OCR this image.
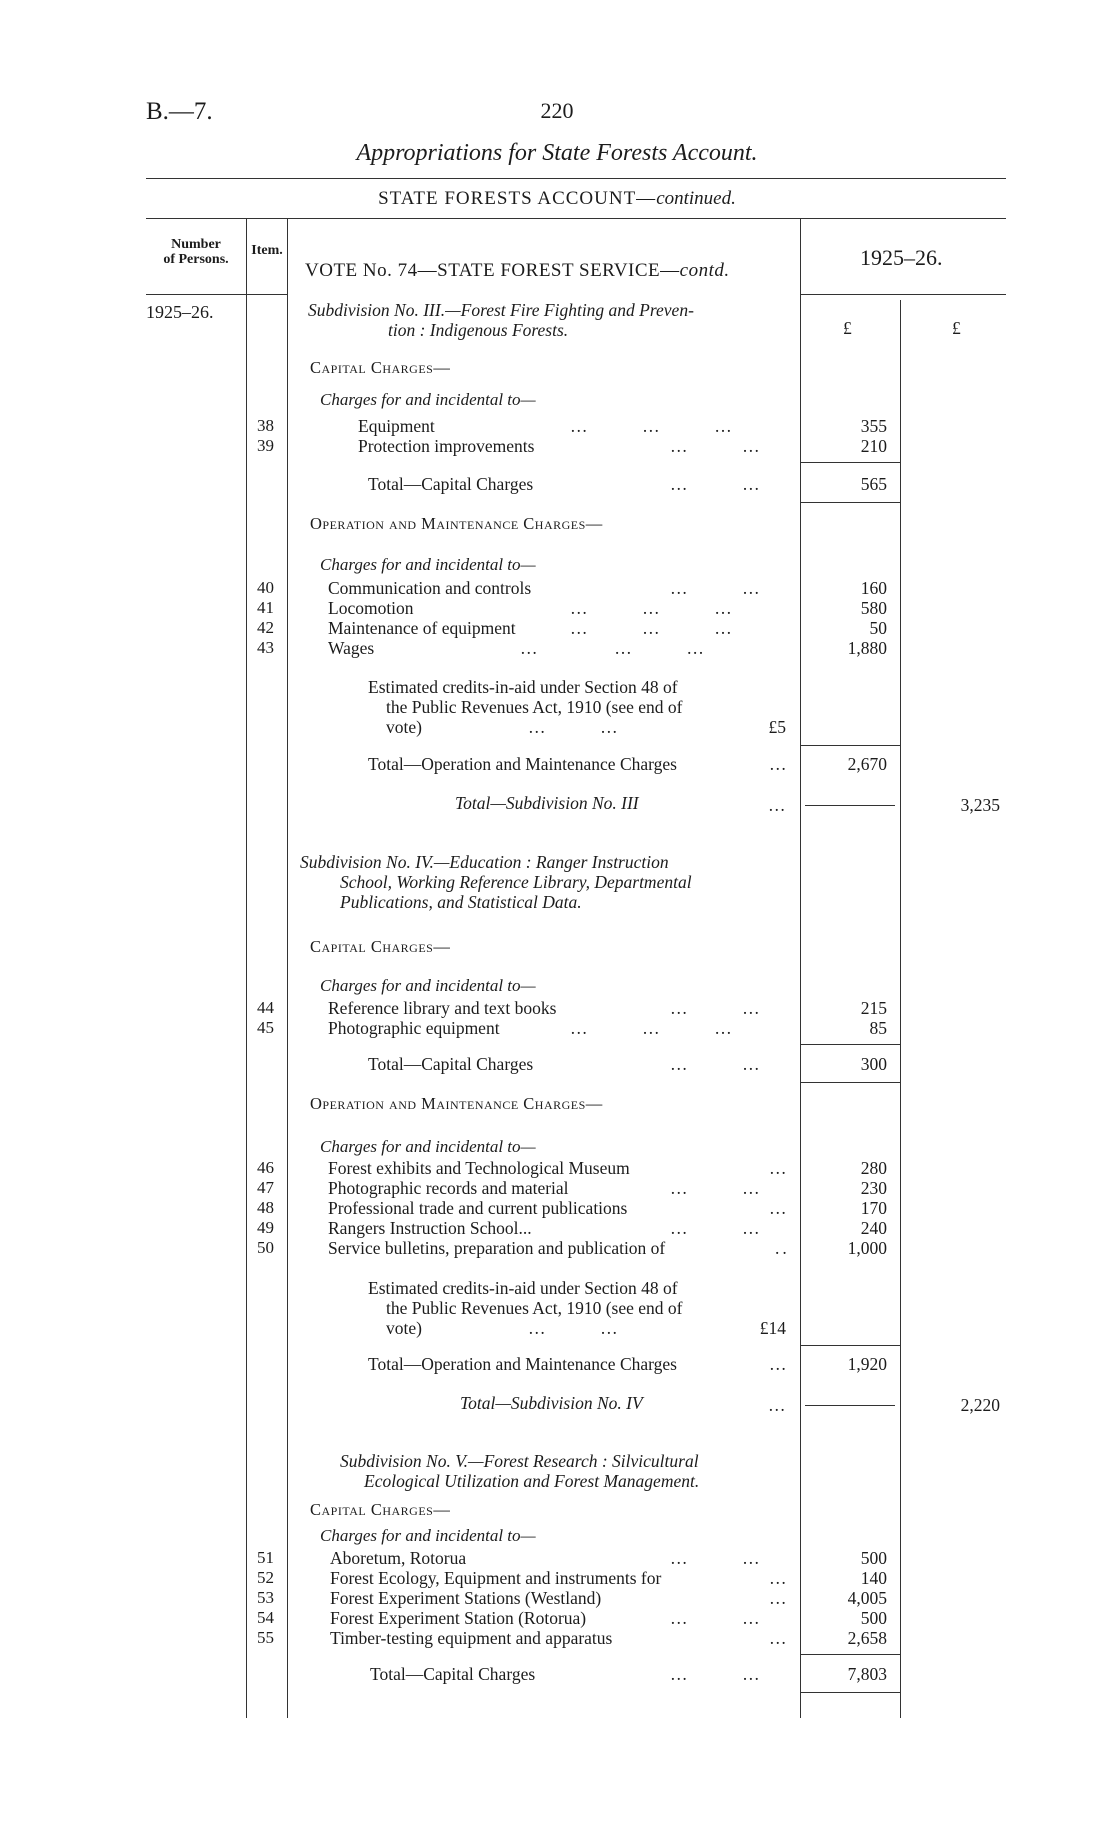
B.—7.	220
Appropriations for State Forests Account.
STATE FORESTS ACCOUNT—continued.
Number
of Persons.
Item.
VOTE No. 74—STATE FOREST SERVICE—contd.
1925–26.
1925–26.	Subdivision No. III.—Forest Fire Fighting and Preven-
tion : Indigenous Forests.	£	£
Capital Charges—
Charges for and incidental to—
38	Equipment	…       …       …	355
39	Protection improvements	…       …	210
Total—Capital Charges	…       …	565
Operation and Maintenance Charges—
Charges for and incidental to—
40	Communication and controls	…       …	160
41	Locomotion	…       …       …	580
42	Maintenance of equipment	…       …       …	50
43	Wages	…          …       …	1,880
Estimated credits-in-aid under Section 48 of
the Public Revenues Act, 1910 (see end of
vote)	…       …	£5
Total—Operation and Maintenance Charges	…	2,670
Total—Subdivision No. III	…	3,235
Subdivision No. IV.—Education : Ranger Instruction
School, Working Reference Library, Departmental
Publications, and Statistical Data.
Capital Charges—
Charges for and incidental to—
44	Reference library and text books	…       …	215
45	Photographic equipment	…       …       …	85
Total—Capital Charges	…       …	300
Operation and Maintenance Charges—
Charges for and incidental to—
46	Forest exhibits and Technological Museum	…	280
47	Photographic records and material	…       …	230
48	Professional trade and current publications	…	170
49	Rangers Instruction School...	…       …	240
50	Service bulletins, preparation and publication of	..	1,000
Estimated credits-in-aid under Section 48 of
the Public Revenues Act, 1910 (see end of
vote)	…       …	£14
Total—Operation and Maintenance Charges	…	1,920
Total—Subdivision No. IV	…	2,220
Subdivision No. V.—Forest Research : Silvicultural
Ecological Utilization and Forest Management.
Capital Charges—
Charges for and incidental to—
51	Aboretum, Rotorua	…       …	500
52	Forest Ecology, Equipment and instruments for	…	140
53	Forest Experiment Stations (Westland)	…	4,005
54	Forest Experiment Station (Rotorua)	…       …	500
55	Timber-testing equipment and apparatus	…	2,658
Total—Capital Charges	…       …	7,803
